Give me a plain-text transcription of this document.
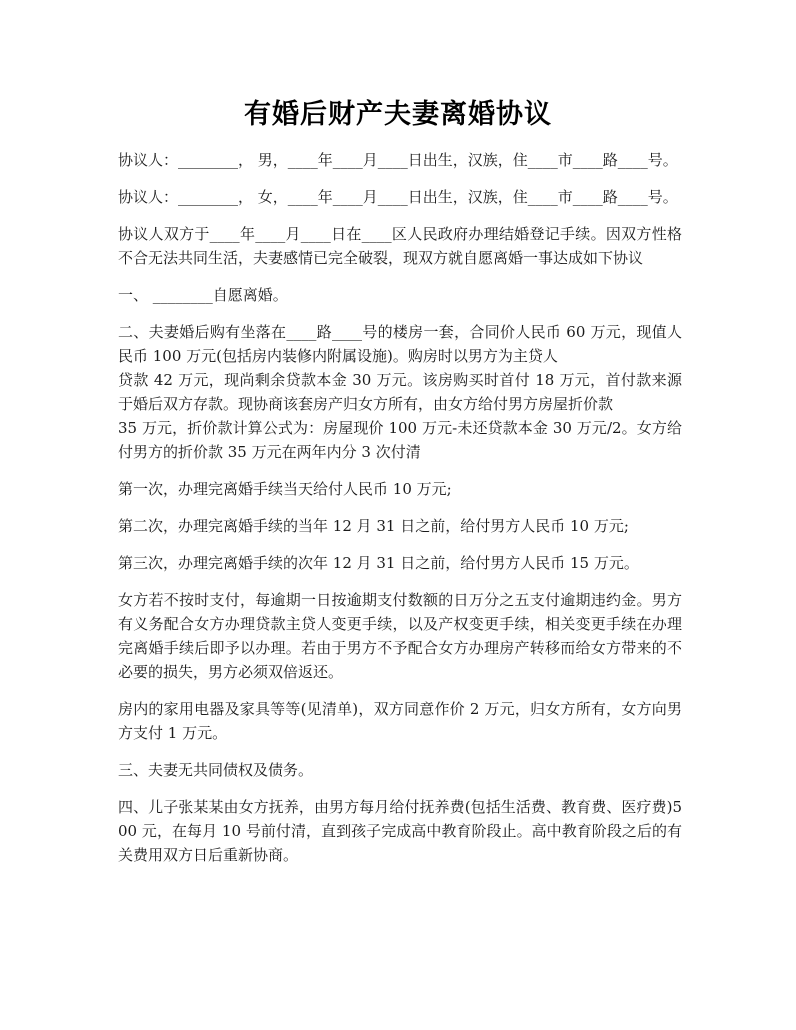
有婚后财产夫妻离婚协议

协议人：________， 男，____年____月____日出生，汉族，住____市____路____号。

协议人：________， 女，____年____月____日出生，汉族，住____市____路____号。

协议人双方于____年____月____日在____区人民政府办理结婚登记手续。因双方性格不合无法共同生活，夫妻感情已完全破裂，现双方就自愿离婚一事达成如下协议

一、 ________自愿离婚。

二、夫妻婚后购有坐落在____路____号的楼房一套，合同价人民币 60 万元，现值人民币 100 万元(包括房内装修内附属设施)。购房时以男方为主贷人

贷款 42 万元，现尚剩余贷款本金 30 万元。该房购买时首付 18 万元，首付款来源于婚后双方存款。现协商该套房产归女方所有，由女方给付男方房屋折价款

35 万元，折价款计算公式为：房屋现价 100 万元-未还贷款本金 30 万元/2。女方给付男方的折价款 35 万元在两年内分 3 次付清

第一次，办理完离婚手续当天给付人民币 10 万元;

第二次，办理完离婚手续的当年 12 月 31 日之前，给付男方人民币 10 万元;

第三次，办理完离婚手续的次年 12 月 31 日之前，给付男方人民币 15 万元。

女方若不按时支付，每逾期一日按逾期支付数额的日万分之五支付逾期违约金。男方有义务配合女方办理贷款主贷人变更手续，以及产权变更手续，相关变更手续在办理完离婚手续后即予以办理。若由于男方不予配合女方办理房产转移而给女方带来的不必要的损失，男方必须双倍返还。

房内的家用电器及家具等等(见清单)，双方同意作价 2 万元，归女方所有，女方向男方支付 1 万元。

三、夫妻无共同债权及债务。

四、儿子张某某由女方抚养，由男方每月给付抚养费(包括生活费、教育费、医疗费)500 元，在每月 10 号前付清，直到孩子完成高中教育阶段止。高中教育阶段之后的有关费用双方日后重新协商。
